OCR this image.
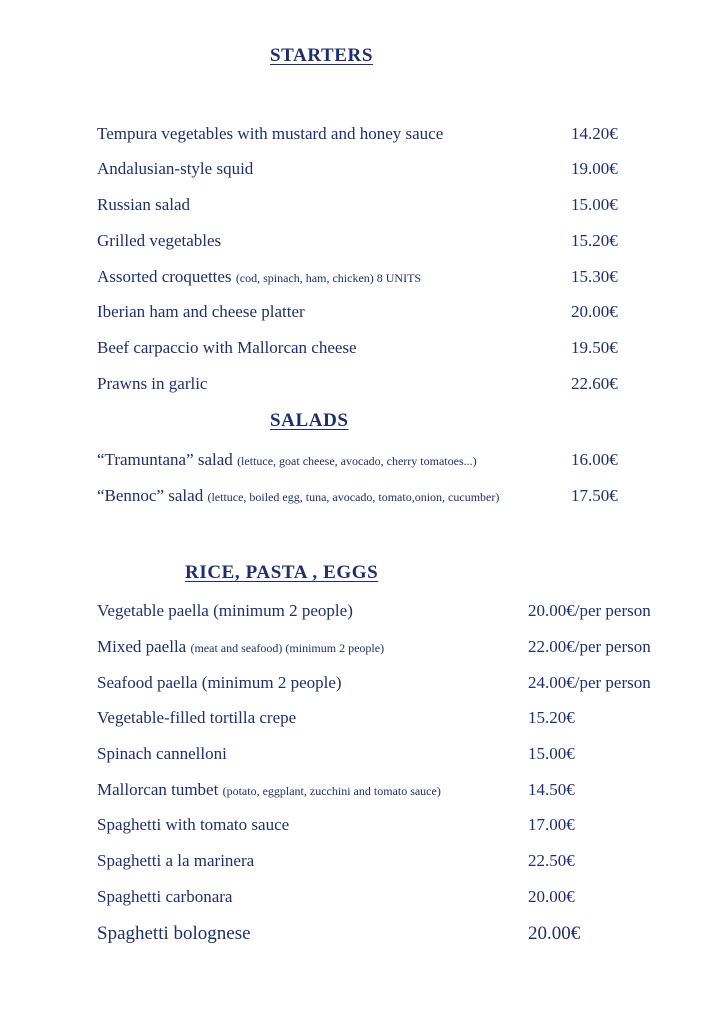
STARTERS
Tempura vegetables with mustard and honey sauce	14.20€
Andalusian-style squid	19.00€
Russian salad	15.00€
Grilled vegetables	15.20€
Assorted croquettes (cod, spinach, ham, chicken) 8 UNITS	15.30€
Iberian ham and cheese platter	20.00€
Beef carpaccio with Mallorcan cheese	19.50€
Prawns in garlic	22.60€
SALADS
“Tramuntana” salad (lettuce, goat cheese, avocado, cherry tomatoes...)	16.00€
“Bennoc” salad (lettuce, boiled egg, tuna, avocado, tomato,onion, cucumber)	17.50€
RICE, PASTA , EGGS
Vegetable paella (minimum 2 people)	20.00€/per person
Mixed paella (meat and seafood) (minimum 2 people)	22.00€/per person
Seafood paella (minimum 2 people)	24.00€/per person
Vegetable-filled tortilla crepe	15.20€
Spinach cannelloni	15.00€
Mallorcan tumbet (potato, eggplant, zucchini and tomato sauce)	14.50€
Spaghetti with tomato sauce	17.00€
Spaghetti a la marinera	22.50€
Spaghetti carbonara	20.00€
Spaghetti bolognese	20.00€
